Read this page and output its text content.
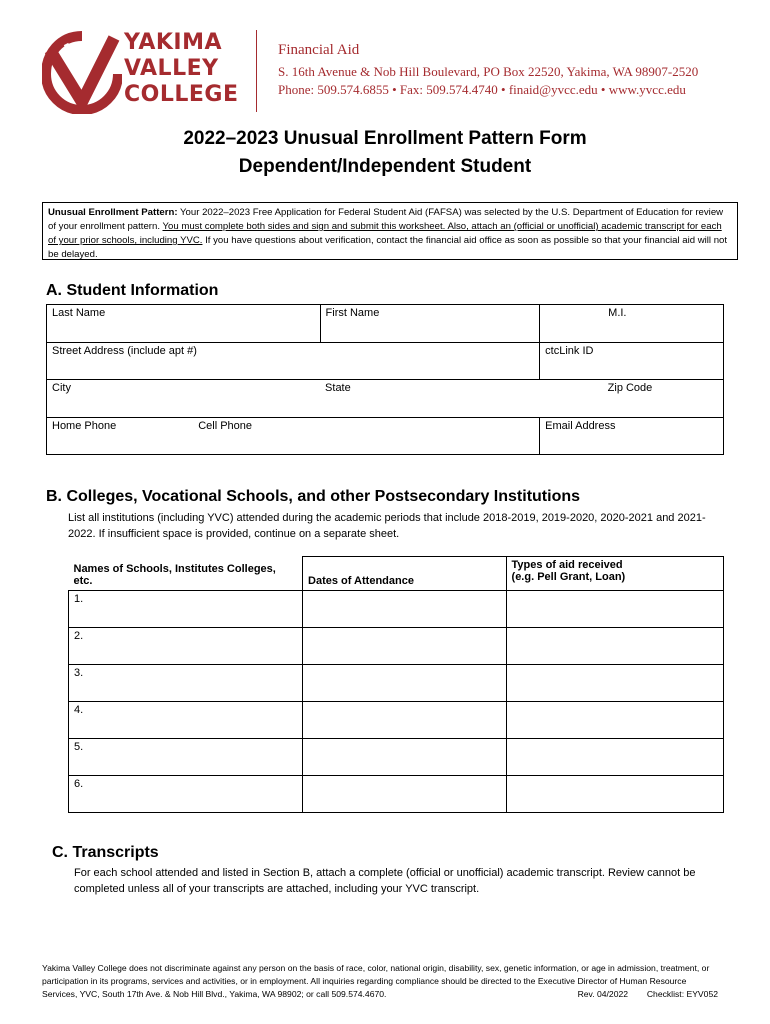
YAKIMA
VALLEY
COLLEGE
Financial Aid
S. 16th Avenue & Nob Hill Boulevard, PO Box 22520, Yakima, WA 98907-2520
Phone: 509.574.6855 • Fax: 509.574.4740 • finaid@yvcc.edu • www.yvcc.edu
2022–2023 Unusual Enrollment Pattern Form
Dependent/Independent Student
Unusual Enrollment Pattern: Your 2022–2023 Free Application for Federal Student Aid (FAFSA) was selected by the U.S. Department of Education for review of your enrollment pattern. You must complete both sides and sign and submit this worksheet. Also, attach an (official or unofficial) academic transcript for each of your prior schools, including YVC. If you have questions about verification, contact the financial aid office as soon as possible so that your financial aid will not be delayed.
A. Student Information
Last Name	First Name	M.I.
Street Address (include apt #)		ctcLink ID
City	State	Zip Code
Home Phone Cell Phone		Email Address
B. Colleges, Vocational Schools, and other Postsecondary Institutions
List all institutions (including YVC) attended during the academic periods that include 2018-2019, 2019-2020, 2020-2021 and 2021-2022. If insufficient space is provided, continue on a separate sheet.
Names of Schools, Institutes Colleges, etc.	Dates of Attendance	Types of aid received
(e.g. Pell Grant, Loan)

1.		
2.		
3.		
4.		
5.		
6.		
C. Transcripts
For each school attended and listed in Section B, attach a complete (official or unofficial) academic transcript. Review cannot be completed unless all of your transcripts are attached, including your YVC transcript.
Yakima Valley College does not discriminate against any person on the basis of race, color, national origin, disability, sex, genetic information, or age in admission, treatment, or participation in its programs, services and activities, or in employment. All inquiries regarding compliance should be directed to the Executive Director of Human Resource Services, YVC, South 17th Ave. & Nob Hill Blvd., Yakima, WA 98902; or call 509.574.4670.	Rev. 04/2022 Checklist: EYV052
